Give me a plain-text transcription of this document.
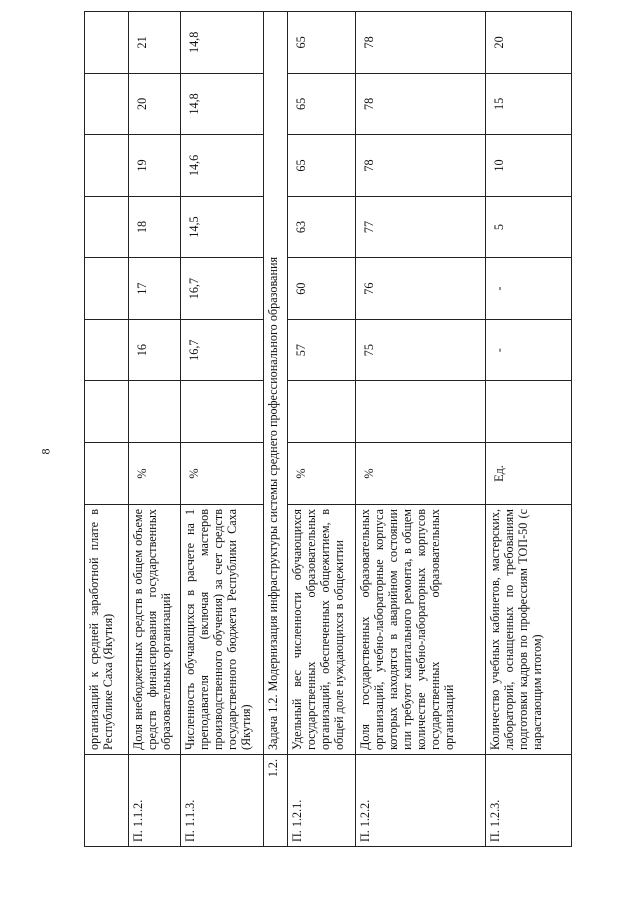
8
	организаций к средней заработной плате в Республике Саха (Якутия)								
П. 1.1.2.	Доля внебюджетных средств в общем объеме средств финансирования государственных образовательных организаций	%		16	17	18	19	20	21
П. 1.1.3.	Численность обучающихся в расчете на 1 преподавателя (включая мастеров производственного обучения) за счет средств государственного бюджета Республики Саха (Якутия)	%		16,7	16,7	14,5	14,6	14,8	14,8
1.2.	Задача 1.2. Модернизация инфраструктуры системы среднего профессионального образования								
П. 1.2.1.	Удельный вес численности обучающихся государственных образовательных организаций, обеспеченных общежитием, в общей доле нуждающихся в общежитии	%		57	60	63	65	65	65
П. 1.2.2.	Доля государственных образовательных организаций, учебно-лабораторные корпуса которых находятся в аварийном состоянии или требуют капитального ремонта, в общем количестве учебно-лабораторных корпусов государственных образовательных организаций	%		75	76	77	78	78	78
П. 1.2.3.	Количество учебных кабинетов, мастерских, лабораторий, оснащенных по требованиям подготовки кадров по профессиям ТОП-50 (с нарастающим итогом)	Ед.		-	-	5	10	15	20
